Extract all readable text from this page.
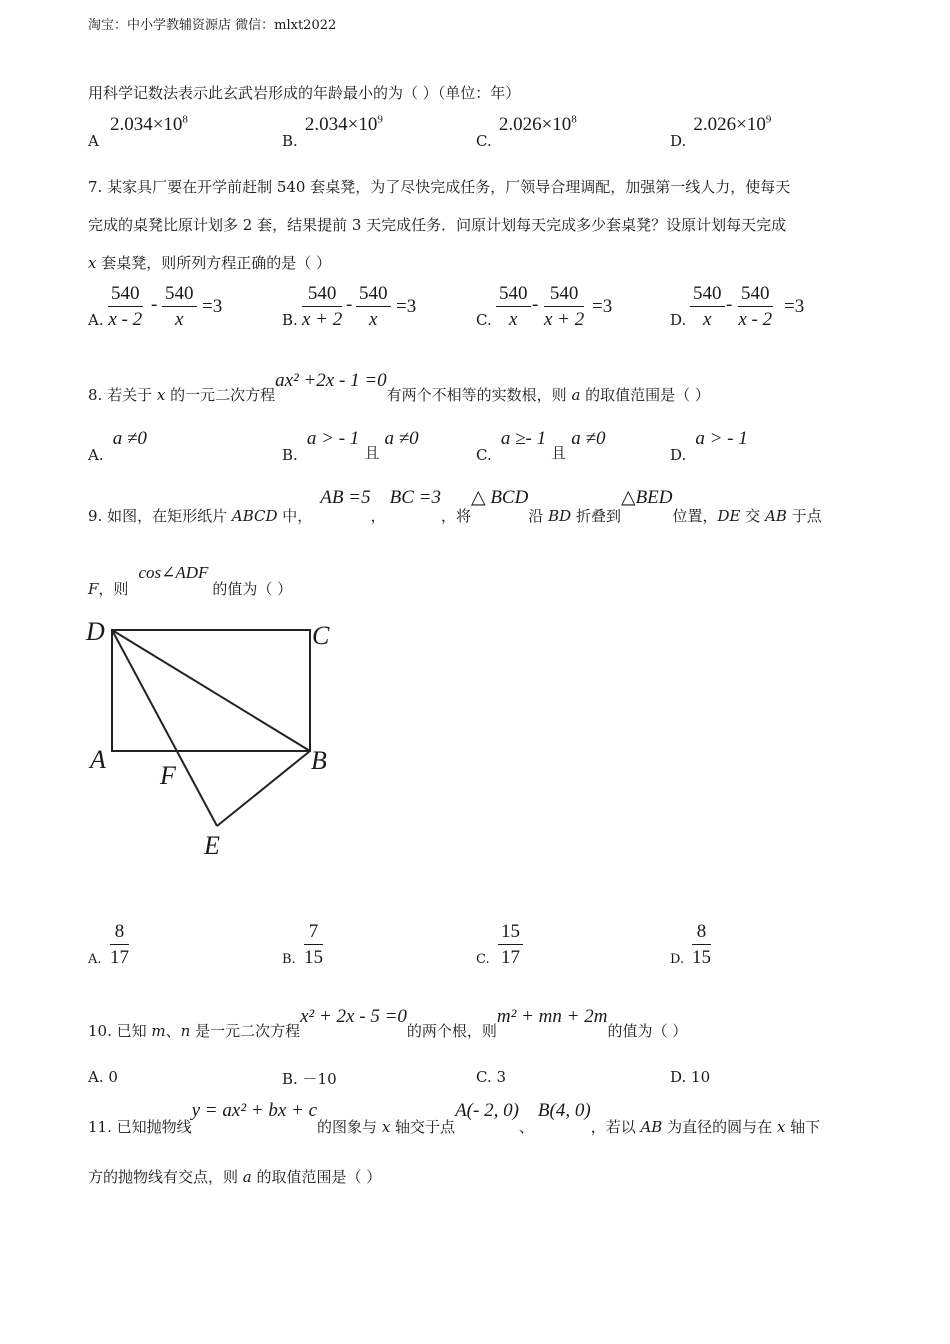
淘宝：中小学教辅资源店 微信：mlxt2022
用科学记数法表示此玄武岩形成的年龄最小的为（ ）（单位：年）
A $2.034\times 10^8$
B. $2.034\times 10^9$
C. $2.026\times 10^8$
D. $2.026\times 10^9$
7. 某家具厂要在开学前赶制 540 套桌凳，为了尽快完成任务，厂领导合理调配，加强第一线人力，使每天
完成的桌凳比原计划多 2 套，结果提前 3 天完成任务．问原计划每天完成多少套桌凳？设原计划每天完成
x 套桌凳，则所列方程正确的是（ ）
A. $\frac{540}{x - 2} - \frac{540}{x} =3$
B. $\frac{540}{x + 2} - \frac{540}{x} =3$
C. $\frac{540}{x} - \frac{540}{x + 2} =3$
D. $\frac{540}{x} - \frac{540}{x - 2} =3$
8. 若关于 x 的一元二次方程ax² +2x - 1 =0有两个不相等的实数根，则 a 的取值范围是（ ）
A. a ≠0
B. a > - 1 且 a ≠0
C. a ≥- 1 且 a ≠0
D. a > - 1
9. 如图，在矩形纸片 ABCD 中，AB =5，BC =3，将△ BCD沿 BD 折叠到△BED位置，DE 交 AB 于点
F，则cos∠ADF的值为（ ）
D	C
A
F
B
E
A. $\frac{8}{17}$	B. $\frac{7}{15}$	C. $\frac{15}{17}$	D. $\frac{8}{15}$
10. 已知 m、n 是一元二次方程x² + 2x - 5 =0的两个根，则m² + mn + 2m的值为（ ）
A. 0	B. －10	C. 3	D. 10
11. 已知抛物线y = ax² + bx + c的图象与 x 轴交于点A(- 2, 0)、B(4, 0)，若以 AB 为直径的圆与在 x 轴下
方的抛物线有交点，则 a 的取值范围是（ ）
